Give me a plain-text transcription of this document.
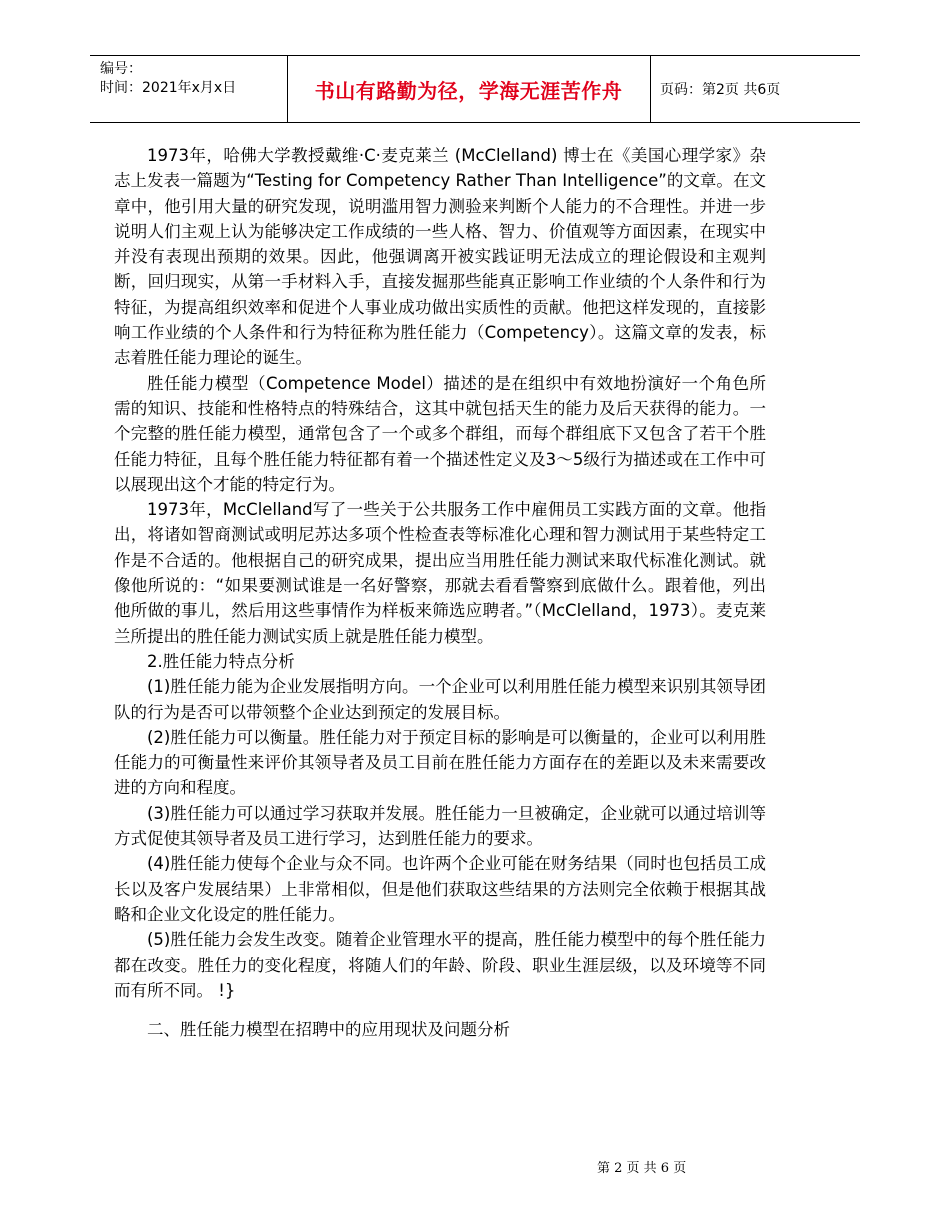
编号：
时间：2021年x月x日	书山有路勤为径，学海无涯苦作舟	页码：第2页 共6页

1973年，哈佛大学教授戴维·C·麦克莱兰 (McClelland) 博士在《美国心理学家》杂志上发表一篇题为“Testing for Competency Rather Than Intelligence”的文章。在文章中，他引用大量的研究发现，说明滥用智力测验来判断个人能力的不合理性。并进一步说明人们主观上认为能够决定工作成绩的一些人格、智力、价值观等方面因素，在现实中并没有表现出预期的效果。因此，他强调离开被实践证明无法成立的理论假设和主观判断，回归现实，从第一手材料入手，直接发掘那些能真正影响工作业绩的个人条件和行为特征，为提高组织效率和促进个人事业成功做出实质性的贡献。他把这样发现的，直接影响工作业绩的个人条件和行为特征称为胜任能力（Competency）。这篇文章的发表，标志着胜任能力理论的诞生。

胜任能力模型（Competence Model）描述的是在组织中有效地扮演好一个角色所需的知识、技能和性格特点的特殊结合，这其中就包括天生的能力及后天获得的能力。一个完整的胜任能力模型，通常包含了一个或多个群组，而每个群组底下又包含了若干个胜任能力特征，且每个胜任能力特征都有着一个描述性定义及3～5级行为描述或在工作中可以展现出这个才能的特定行为。

1973年，McClelland写了一些关于公共服务工作中雇佣员工实践方面的文章。他指出，将诸如智商测试或明尼苏达多项个性检查表等标准化心理和智力测试用于某些特定工作是不合适的。他根据自己的研究成果，提出应当用胜任能力测试来取代标准化测试。就像他所说的：“如果要测试谁是一名好警察，那就去看看警察到底做什么。跟着他，列出他所做的事儿，然后用这些事情作为样板来筛选应聘者。”（McClelland，1973）。麦克莱兰所提出的胜任能力测试实质上就是胜任能力模型。

2.胜任能力特点分析

(1)胜任能力能为企业发展指明方向。一个企业可以利用胜任能力模型来识别其领导团队的行为是否可以带领整个企业达到预定的发展目标。

(2)胜任能力可以衡量。胜任能力对于预定目标的影响是可以衡量的，企业可以利用胜任能力的可衡量性来评价其领导者及员工目前在胜任能力方面存在的差距以及未来需要改进的方向和程度。

(3)胜任能力可以通过学习获取并发展。胜任能力一旦被确定，企业就可以通过培训等方式促使其领导者及员工进行学习，达到胜任能力的要求。

(4)胜任能力使每个企业与众不同。也许两个企业可能在财务结果（同时也包括员工成长以及客户发展结果）上非常相似，但是他们获取这些结果的方法则完全依赖于根据其战略和企业文化设定的胜任能力。

(5)胜任能力会发生改变。随着企业管理水平的提高，胜任能力模型中的每个胜任能力都在改变。胜任力的变化程度，将随人们的年龄、阶段、职业生涯层级，以及环境等不同而有所不同。 !}

二、胜任能力模型在招聘中的应用现状及问题分析

第 2 页 共 6 页
